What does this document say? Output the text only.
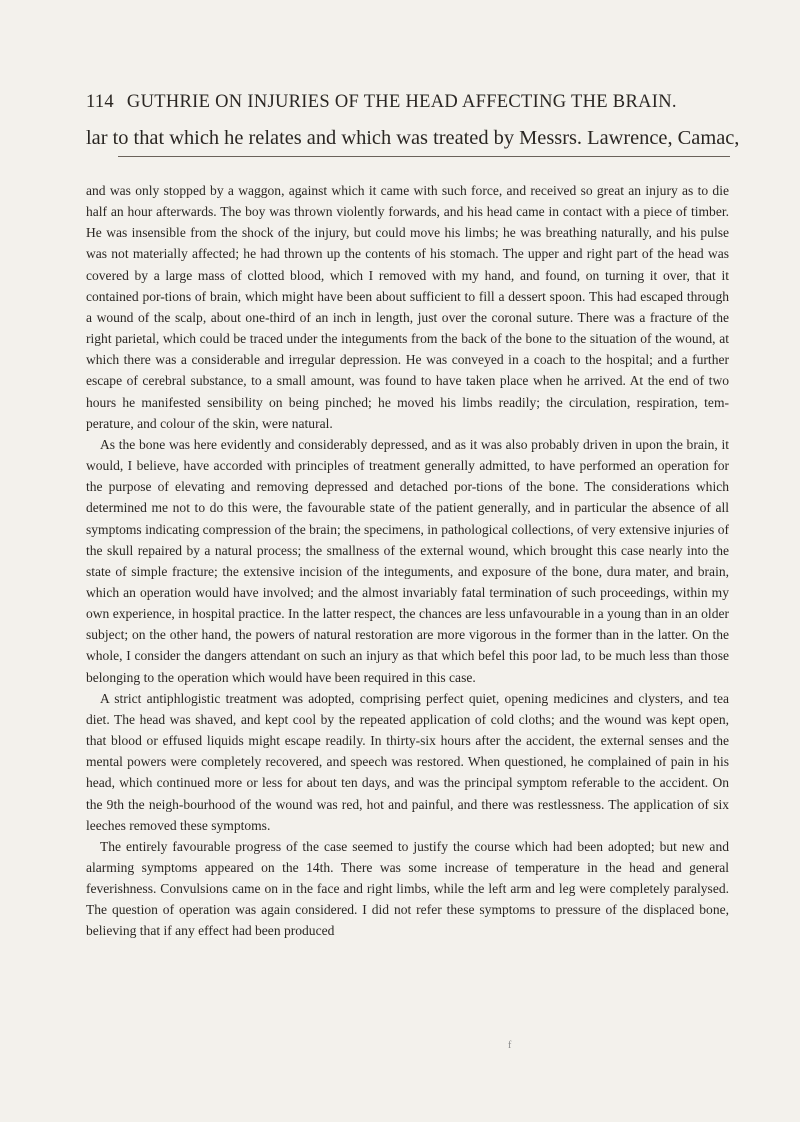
114 GUTHRIE ON INJURIES OF THE HEAD AFFECTING THE BRAIN.
lar to that which he relates and which was treated by Messrs. Lawrence, Camac,

and was only stopped by a waggon, against which it came with such force, and received so great an injury as to die half an hour afterwards. The boy was thrown violently forwards, and his head came in contact with a piece of timber. He was insensible from the shock of the injury, but could move his limbs; he was breathing naturally, and his pulse was not materially affected; he had thrown up the contents of his stomach. The upper and right part of the head was covered by a large mass of clotted blood, which I removed with my hand, and found, on turning it over, that it contained por-tions of brain, which might have been about sufficient to fill a dessert spoon. This had escaped through a wound of the scalp, about one-third of an inch in length, just over the coronal suture. There was a fracture of the right parietal, which could be traced under the integuments from the back of the bone to the situation of the wound, at which there was a considerable and irregular depression. He was conveyed in a coach to the hospital; and a further escape of cerebral substance, to a small amount, was found to have taken place when he arrived. At the end of two hours he manifested sensibility on being pinched; he moved his limbs readily; the circulation, respiration, tem-perature, and colour of the skin, were natural.

As the bone was here evidently and considerably depressed, and as it was also probably driven in upon the brain, it would, I believe, have accorded with principles of treatment generally admitted, to have performed an operation for the purpose of elevating and removing depressed and detached por-tions of the bone. The considerations which determined me not to do this were, the favourable state of the patient generally, and in particular the absence of all symptoms indicating compression of the brain; the specimens, in pathological collections, of very extensive injuries of the skull repaired by a natural process; the smallness of the external wound, which brought this case nearly into the state of simple fracture; the extensive incision of the integuments, and exposure of the bone, dura mater, and brain, which an operation would have involved; and the almost invariably fatal termination of such proceedings, within my own experience, in hospital practice. In the latter respect, the chances are less unfavourable in a young than in an older subject; on the other hand, the powers of natural restoration are more vigorous in the former than in the latter. On the whole, I consider the dangers attendant on such an injury as that which befel this poor lad, to be much less than those belonging to the operation which would have been required in this case.

A strict antiphlogistic treatment was adopted, comprising perfect quiet, opening medicines and clysters, and tea diet. The head was shaved, and kept cool by the repeated application of cold cloths; and the wound was kept open, that blood or effused liquids might escape readily. In thirty-six hours after the accident, the external senses and the mental powers were completely recovered, and speech was restored. When questioned, he complained of pain in his head, which continued more or less for about ten days, and was the principal symptom referable to the accident. On the 9th the neigh-bourhood of the wound was red, hot and painful, and there was restlessness. The application of six leeches removed these symptoms.

The entirely favourable progress of the case seemed to justify the course which had been adopted; but new and alarming symptoms appeared on the 14th. There was some increase of temperature in the head and general feverishness. Convulsions came on in the face and right limbs, while the left arm and leg were completely paralysed. The question of operation was again considered. I did not refer these symptoms to pressure of the displaced bone, believing that if any effect had been produced

f
